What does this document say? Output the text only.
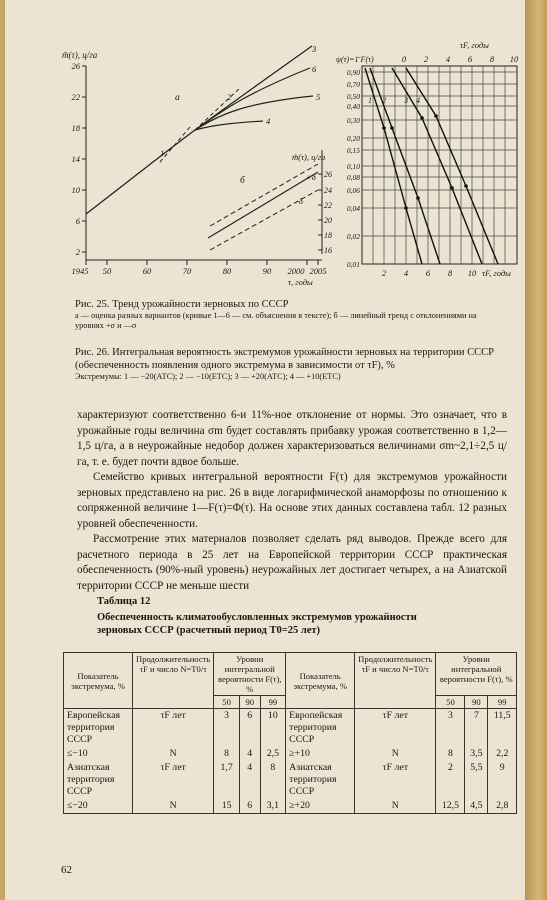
m̄(τ), ц/га
26
22
18
14
10
6
2
1945 50	60	70	80	90 2000 2005
τ, годы
m̃(τ), ц/га
26
24
22
20
18
16
+δ
-δ
а
б
1
2
3
4
5
6
τF, годы
ψ(τ)=1̄ F(τ)	0 2 4 6 8 10
0,90
0,70
0,50
0,40
0,30
0,20
0,15
0,10
0,08
0,06
0,04
0,02
0,01
1 2 3 4
2 4 6 8 10 τF, годы
Рис. 25. Тренд урожайности зерновых по СССР
а — оценка разных вариантов (кривые 1—6 — см. объяснения в тексте); б — линейный тренд с отклонениями на уровнях +σ и —σ
Рис. 26. Интегральная вероятность экстремумов урожайности зерновых на территории СССР (обеспеченность появления одного экстремума в зависимости от τF), %
Экстремумы: 1 — −20(АТС); 2 — −10(ЕТС); 3 — +20(АТС); 4 — +10(ЕТС)

характеризуют соответственно 6-и 11%-ное отклонение от нормы. Это означает, что в урожайные годы величина σm будет составлять прибавку урожая соответственно в 1,2—1,5 ц/га, а в неурожайные недобор должен характеризоваться величинами σm~2,1÷2,5 ц/га, т. е. будет почти вдвое больше.

Семейство кривых интегральной вероятности F(τ) для экстремумов урожайности зерновых представлено на рис. 26 в виде логарифмической анаморфозы по отношению к сопряженной величине 1—F(τ)=Φ(τ). На основе этих данных составлена табл. 12 разных уровней обеспеченности.

Рассмотрение этих материалов позволяет сделать ряд выводов. Прежде всего для расчетного периода в 25 лет на Европейской территории СССР практическая обеспеченность (90%-ный уровень) неурожайных лет достигает четырех, а на Азиатской территории СССР не меньше шести

Таблица 12
Обеспеченность климатообусловленных экстремумов урожайности зерновых СССР (расчетный период T0=25 лет)
Показатель экстремума, %	Продолжительность τF и число N=T0/τ	Уровни интегральной вероятности F(τ), %			Показатель экстремума, %	Продолжительность τF и число N=T0/τ	Уровни интегральной вероятности F(τ), %		
		50	90	99			50	90	99
Европейская территория СССР	τF лет	3	6	10	Европейская территория СССР	τF лет	3	7	11,5
≤−10	N	8	4	2,5	≥+10	N	8	3,5	2,2
Азиатская территория СССР	τF лет	1,7	4	8	Азиатская территория СССР	τF лет	2	5,5	9
≤−20	N	15	6	3,1	≥+20	N	12,5	4,5	2,8
62
